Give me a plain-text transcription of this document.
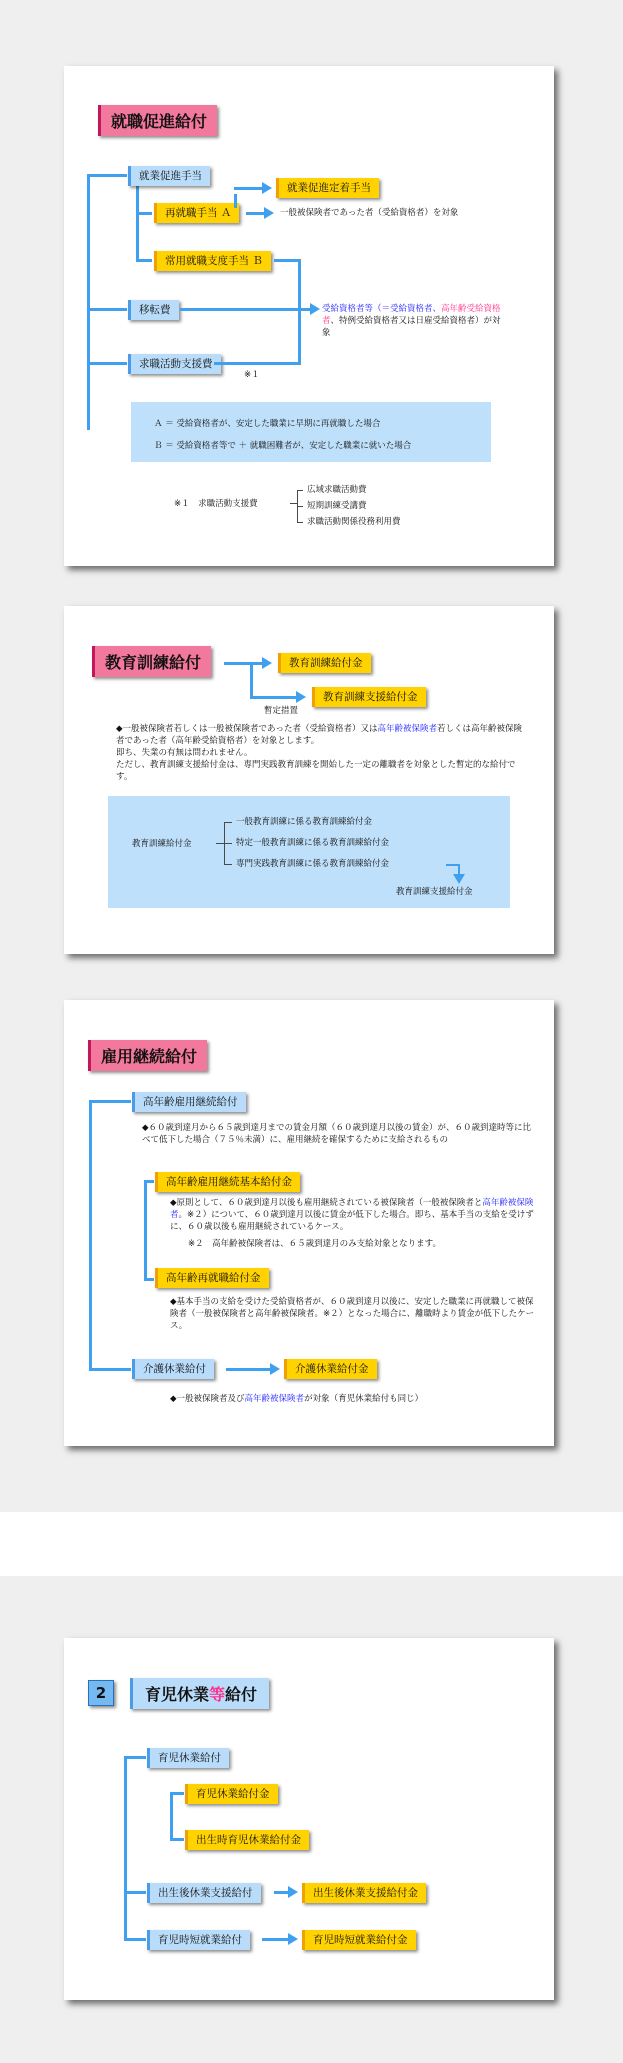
就職促進給付
就業促進手当
再就職手当 Ａ
常用就職支度手当 Ｂ
移転費
求職活動支援費
※１
就業促進定着手当
一般被保険者であった者（受給資格者）を対象
受給資格者等（＝受給資格者、高年齢受給資格者、特例受給資格者又は日雇受給資格者）が対象
Ａ ＝ 受給資格者が、安定した職業に早期に再就職した場合
Ｂ ＝ 受給資格者等で ＋ 就職困難者が、安定した職業に就いた場合
※１　求職活動支援費
広域求職活動費
短期訓練受講費
求職活動関係役務利用費
教育訓練給付	教育訓練給付金
教育訓練支援給付金
暫定措置
◆一般被保険者若しくは一般被保険者であった者（受給資格者）又は高年齢被保険者若しくは高年齢被保険者であった者（高年齢受給資格者）を対象とします。
即ち、失業の有無は問われません。
ただし、教育訓練支援給付金は、専門実践教育訓練を開始した一定の離職者を対象とした暫定的な給付です。
教育訓練給付金
一般教育訓練に係る教育訓練給付金
特定一般教育訓練に係る教育訓練給付金
専門実践教育訓練に係る教育訓練給付金
教育訓練支援給付金
雇用継続給付
高年齢雇用継続給付
◆６０歳到達月から６５歳到達月までの賃金月額（６０歳到達月以後の賃金）が、６０歳到達時等に比べて低下した場合（７５％未満）に、雇用継続を確保するために支給されるもの
高年齢雇用継続基本給付金
◆原則として、６０歳到達月以後も雇用継続されている被保険者（一般被保険者と高年齢被保険者。※２）について、６０歳到達月以後に賃金が低下した場合。即ち、基本手当の支給を受けずに、６０歳以後も雇用継続されているケース。
※２　高年齢被保険者は、６５歳到達月のみ支給対象となります。
高年齢再就職給付金
◆基本手当の支給を受けた受給資格者が、６０歳到達月以後に、安定した職業に再就職して被保険者（一般被保険者と高年齢被保険者。※２）となった場合に、離職時より賃金が低下したケース。
介護休業給付	介護休業給付金
◆一般被保険者及び高年齢被保険者が対象（育児休業給付も同じ）
2	育児休業等給付
育児休業給付
育児休業給付金
出生時育児休業給付金
出生後休業支援給付	出生後休業支援給付金
育児時短就業給付	育児時短就業給付金
